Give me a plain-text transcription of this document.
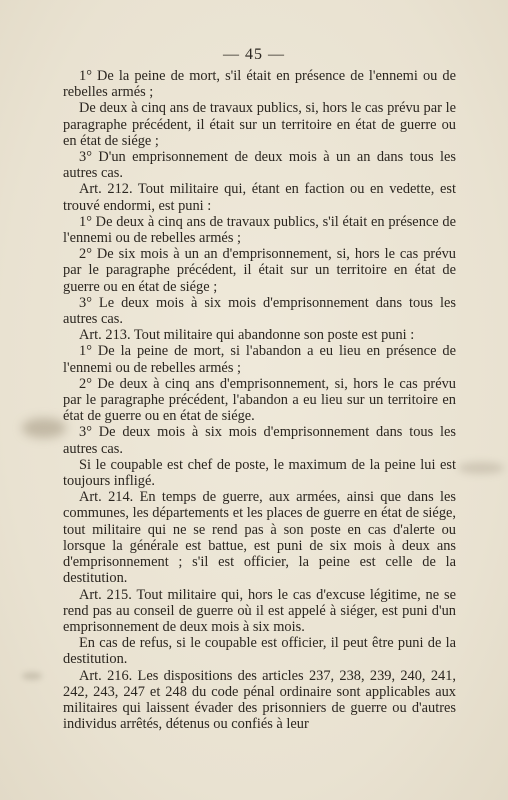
— 45 —

1° De la peine de mort, s'il était en présence de l'ennemi ou de rebelles armés ;

De deux à cinq ans de travaux publics, si, hors le cas prévu par le paragraphe précédent, il était sur un territoire en état de guerre ou en état de siége ;

3° D'un emprisonnement de deux mois à un an dans tous les autres cas.

Art. 212. Tout militaire qui, étant en faction ou en vedette, est trouvé endormi, est puni :

1° De deux à cinq ans de travaux publics, s'il était en présence de l'ennemi ou de rebelles armés ;

2° De six mois à un an d'emprisonnement, si, hors le cas prévu par le paragraphe précédent, il était sur un territoire en état de guerre ou en état de siége ;

3° Le deux mois à six mois d'emprisonnement dans tous les autres cas.

Art. 213. Tout militaire qui abandonne son poste est puni :

1° De la peine de mort, si l'abandon a eu lieu en présence de l'ennemi ou de rebelles armés ;

2° De deux à cinq ans d'emprisonnement, si, hors le cas prévu par le paragraphe précédent, l'abandon a eu lieu sur un territoire en état de guerre ou en état de siége.

3° De deux mois à six mois d'emprisonnement dans tous les autres cas.

Si le coupable est chef de poste, le maximum de la peine lui est toujours infligé.

Art. 214. En temps de guerre, aux armées, ainsi que dans les communes, les départements et les places de guerre en état de siége, tout militaire qui ne se rend pas à son poste en cas d'alerte ou lorsque la générale est battue, est puni de six mois à deux ans d'emprisonnement ; s'il est officier, la peine est celle de la destitution.

Art. 215. Tout militaire qui, hors le cas d'excuse légitime, ne se rend pas au conseil de guerre où il est appelé à siéger, est puni d'un emprisonnement de deux mois à six mois.

En cas de refus, si le coupable est officier, il peut être puni de la destitution.

Art. 216. Les dispositions des articles 237, 238, 239, 240, 241, 242, 243, 247 et 248 du code pénal ordinaire sont applicables aux militaires qui laissent évader des prisonniers de guerre ou d'autres individus arrêtés, détenus ou confiés à leur
